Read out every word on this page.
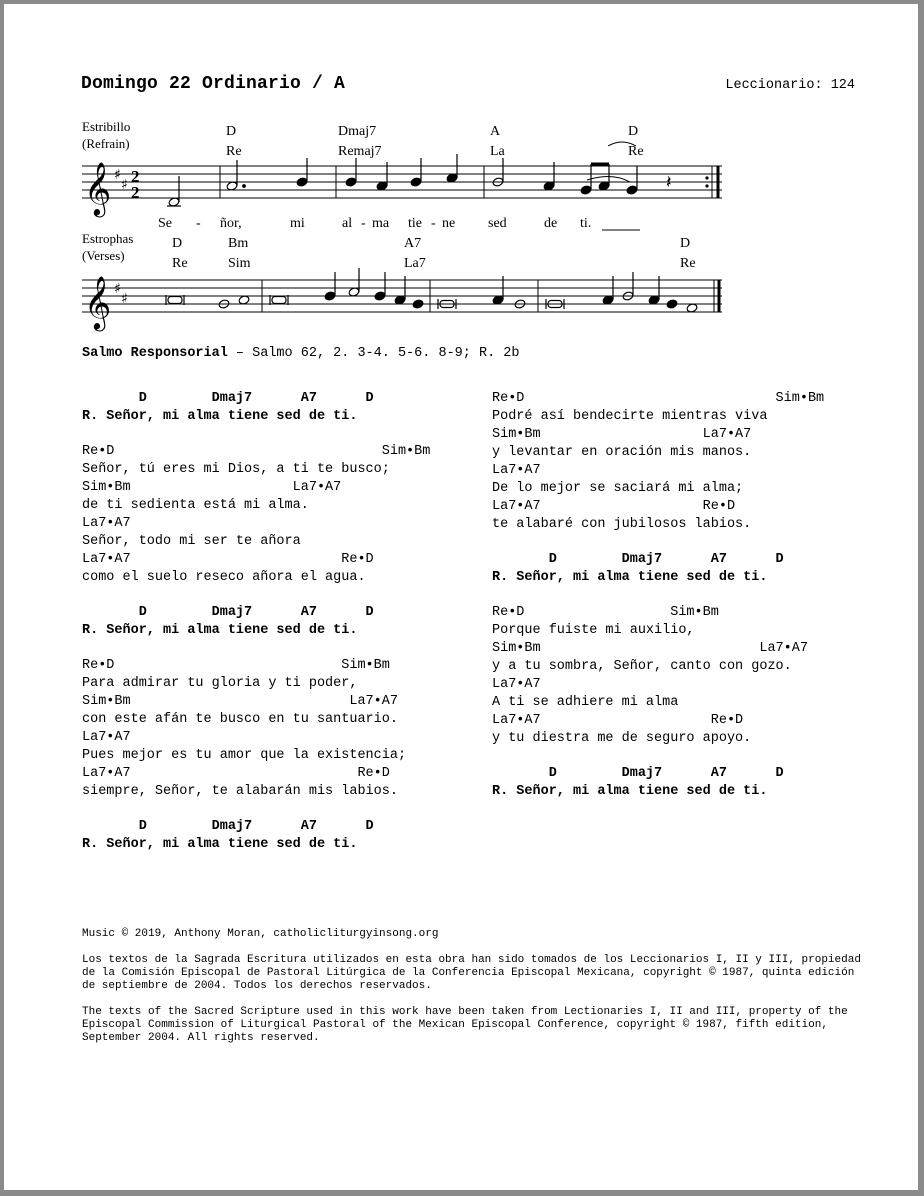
Domingo 22 Ordinario / A	Leccionario: 124
Estribillo
(Refrain)
D
Re
Dmaj7
Remaj7
A
La
D
Re
𝄞 ♯
♯ 2
2	𝄽
Se - ñor,	mi	al - ma tie - ne sed	de ti.
Estrophas
(Verses)
D
Re
Bm
Sim
A7
La7
D
Re
𝄞 ♯
♯
Salmo Responsorial – Salmo 62, 2. 3-4. 5-6. 8-9; R. 2b
D        Dmaj7      A7      D
R. Señor, mi alma tiene sed de ti.
Re•D                                 Sim•Bm
Señor, tú eres mi Dios, a ti te busco;
Sim•Bm                    La7•A7
de ti sedienta está mi alma.
La7•A7
Señor, todo mi ser te añora
La7•A7                          Re•D
como el suelo reseco añora el agua.
D        Dmaj7      A7      D
R. Señor, mi alma tiene sed de ti.
Re•D                            Sim•Bm
Para admirar tu gloria y ti poder,
Sim•Bm                           La7•A7
con este afán te busco en tu santuario.
La7•A7
Pues mejor es tu amor que la existencia;
La7•A7                            Re•D
siempre, Señor, te alabarán mis labios.
D        Dmaj7      A7      D
R. Señor, mi alma tiene sed de ti.
Re•D                               Sim•Bm
Podré así bendecirte mientras viva
Sim•Bm                    La7•A7
y levantar en oración mis manos.
La7•A7
De lo mejor se saciará mi alma;
La7•A7                    Re•D
te alabaré con jubilosos labios.
D        Dmaj7      A7      D
R. Señor, mi alma tiene sed de ti.
Re•D                  Sim•Bm
Porque fuiste mi auxilio,
Sim•Bm                           La7•A7
y a tu sombra, Señor, canto con gozo.
La7•A7
A ti se adhiere mi alma
La7•A7                     Re•D
y tu diestra me de seguro apoyo.
D        Dmaj7      A7      D
R. Señor, mi alma tiene sed de ti.

Music © 2019, Anthony Moran, catholicliturgyinsong.org

Los textos de la Sagrada Escritura utilizados en esta obra han sido tomados de los Leccionarios I, II y III, propiedad de la Comisión Episcopal de Pastoral Litúrgica de la Conferencia Episcopal Mexicana, copyright © 1987, quinta edición de septiembre de 2004. Todos los derechos reservados.

The texts of the Sacred Scripture used in this work have been taken from Lectionaries I, II and III, property of the Episcopal Commission of Liturgical Pastoral of the Mexican Episcopal Conference, copyright © 1987, fifth edition, September 2004. All rights reserved.
